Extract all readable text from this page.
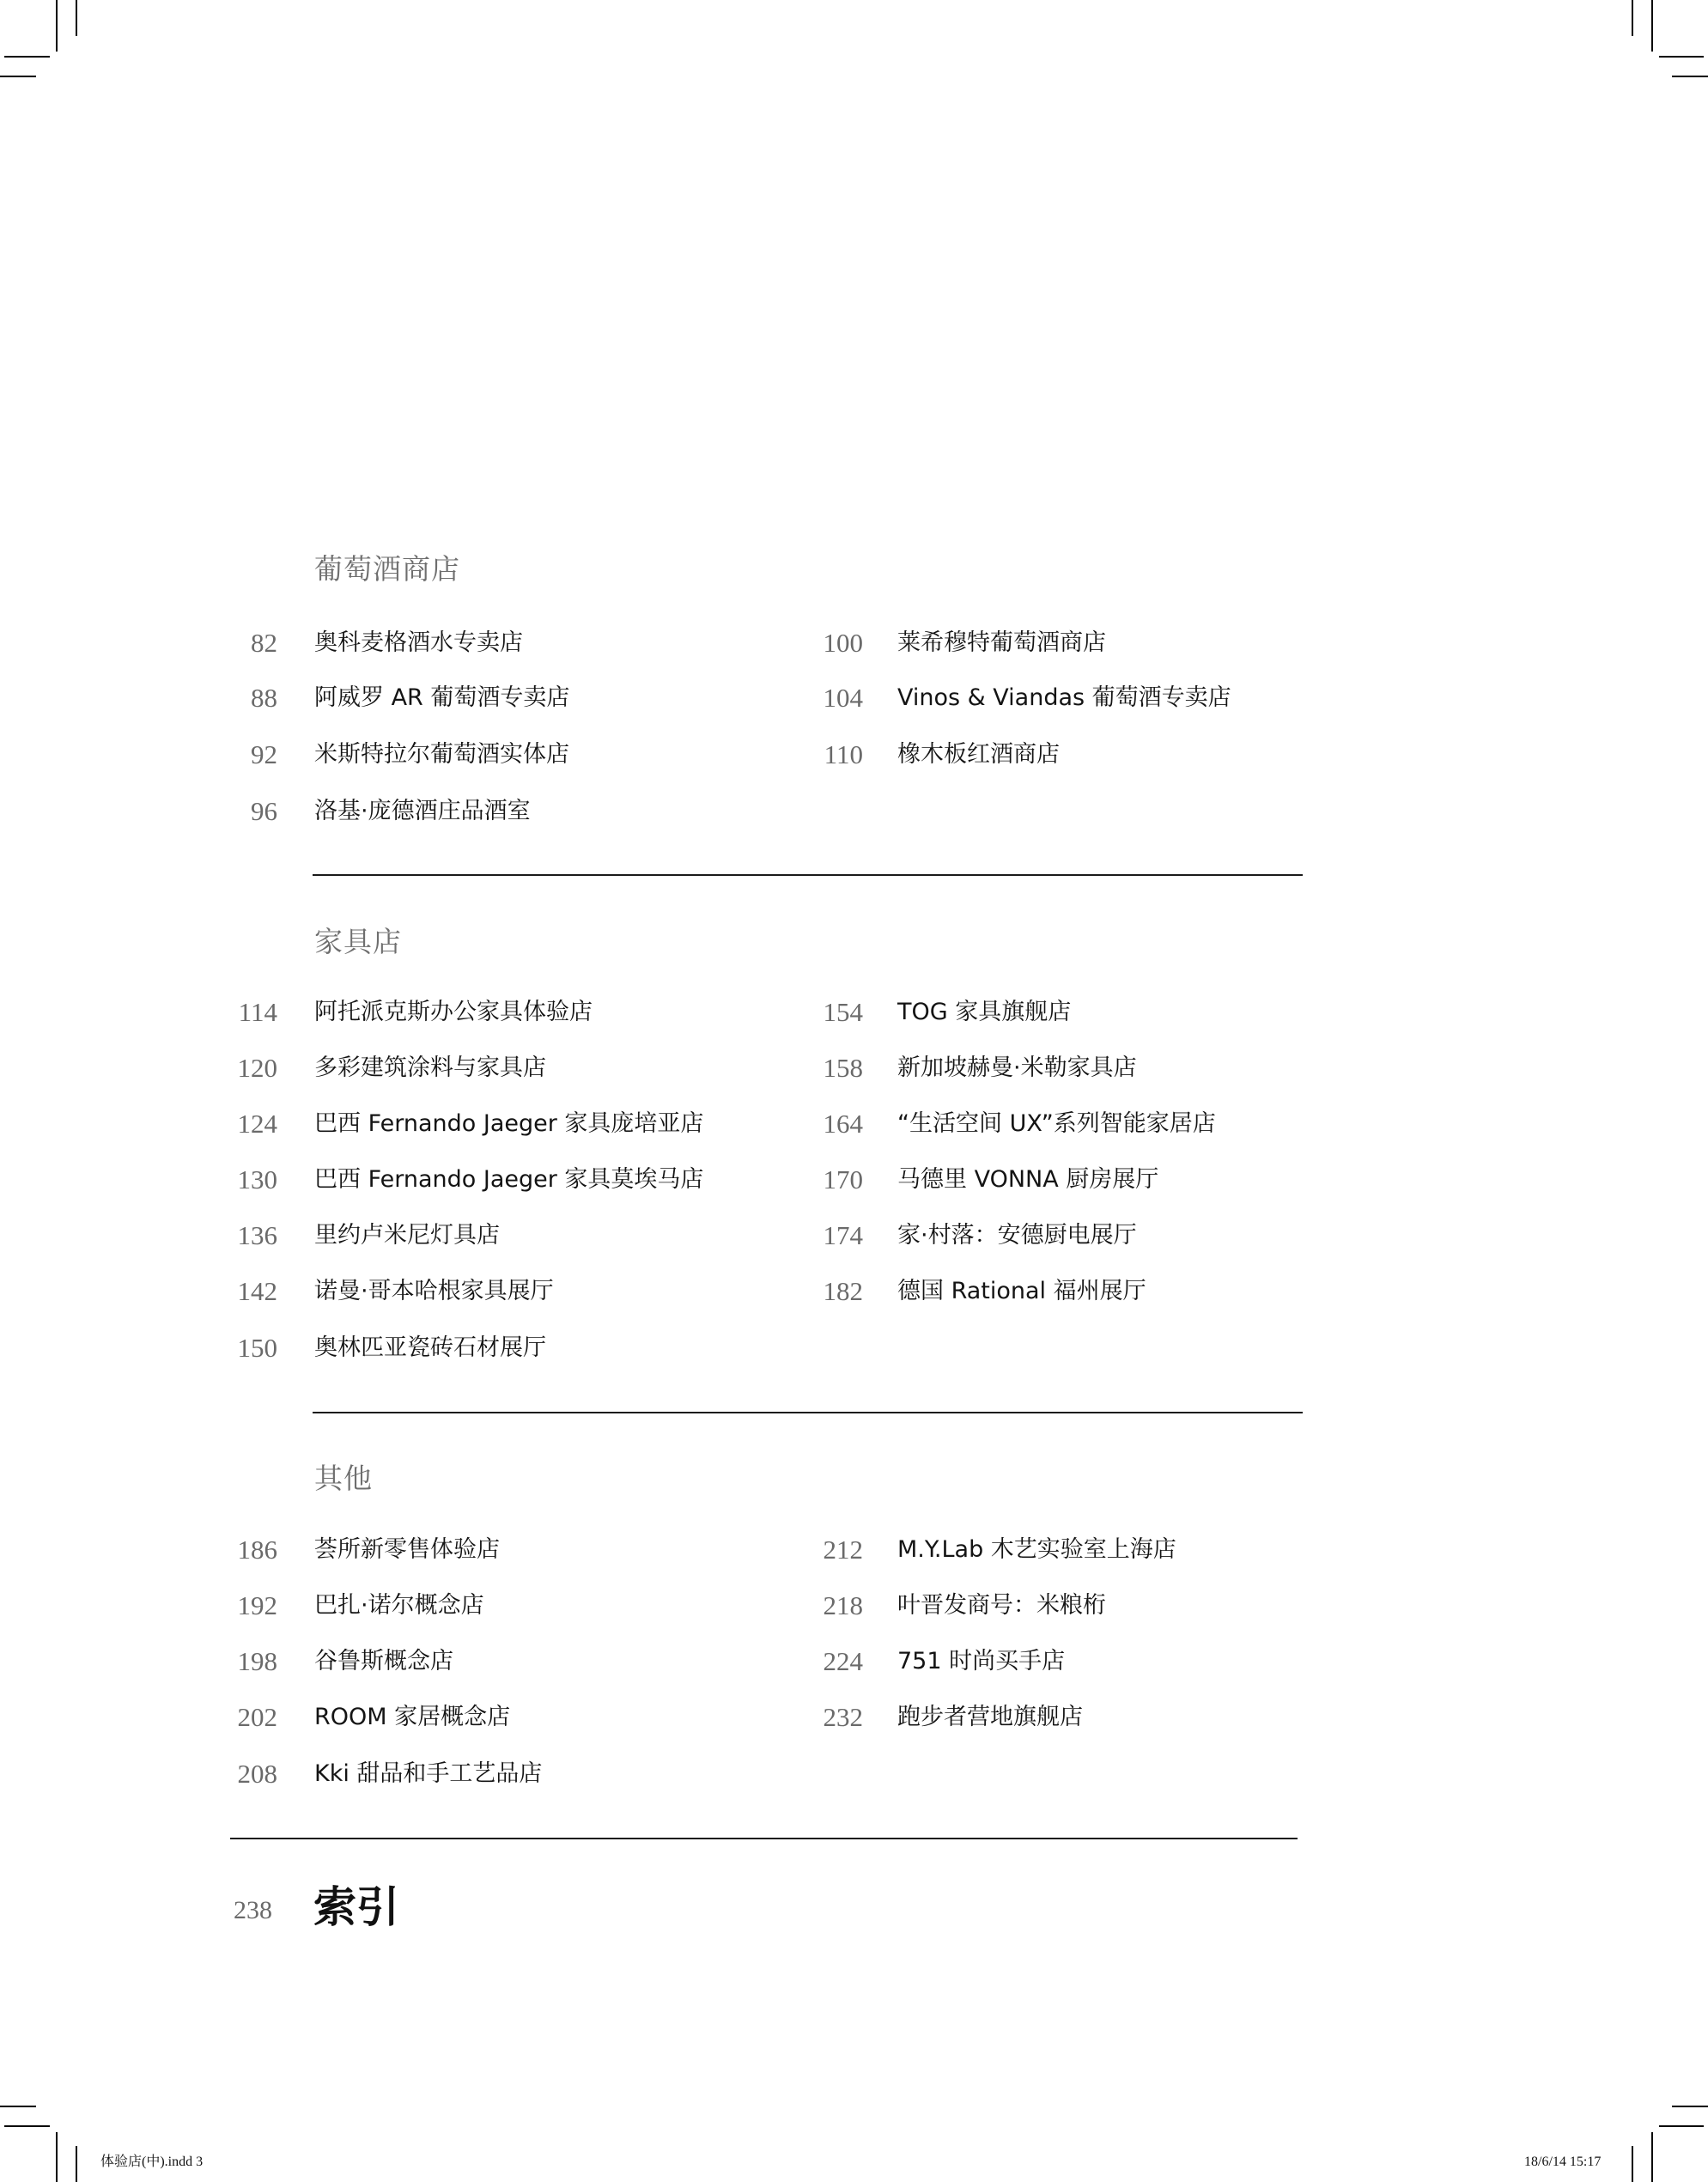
葡萄酒商店
82 奥科麦格酒水专卖店
88 阿威罗 AR 葡萄酒专卖店
92 米斯特拉尔葡萄酒实体店
96 洛基·庞德酒庄品酒室
100 莱希穆特葡萄酒商店
104 Vinos & Viandas 葡萄酒专卖店
110 橡木板红酒商店
家具店
114 阿托派克斯办公家具体验店
120 多彩建筑涂料与家具店
124 巴西 Fernando Jaeger 家具庞培亚店
130 巴西 Fernando Jaeger 家具莫埃马店
136 里约卢米尼灯具店
142 诺曼·哥本哈根家具展厅
150 奥林匹亚瓷砖石材展厅
154 TOG 家具旗舰店
158 新加坡赫曼·米勒家具店
164 “生活空间 UX”系列智能家居店
170 马德里 VONNA 厨房展厅
174 家·村落：安德厨电展厅
182 德国 Rational 福州展厅
其他
186 荟所新零售体验店
192 巴扎·诺尔概念店
198 谷鲁斯概念店
202 ROOM 家居概念店
208 Kki 甜品和手工艺品店
212 M.Y.Lab 木艺实验室上海店
218 叶晋发商号：米粮桁
224 751 时尚买手店
232 跑步者营地旗舰店
238 索引
体验店(中).indd 3	18/6/14 15:17
